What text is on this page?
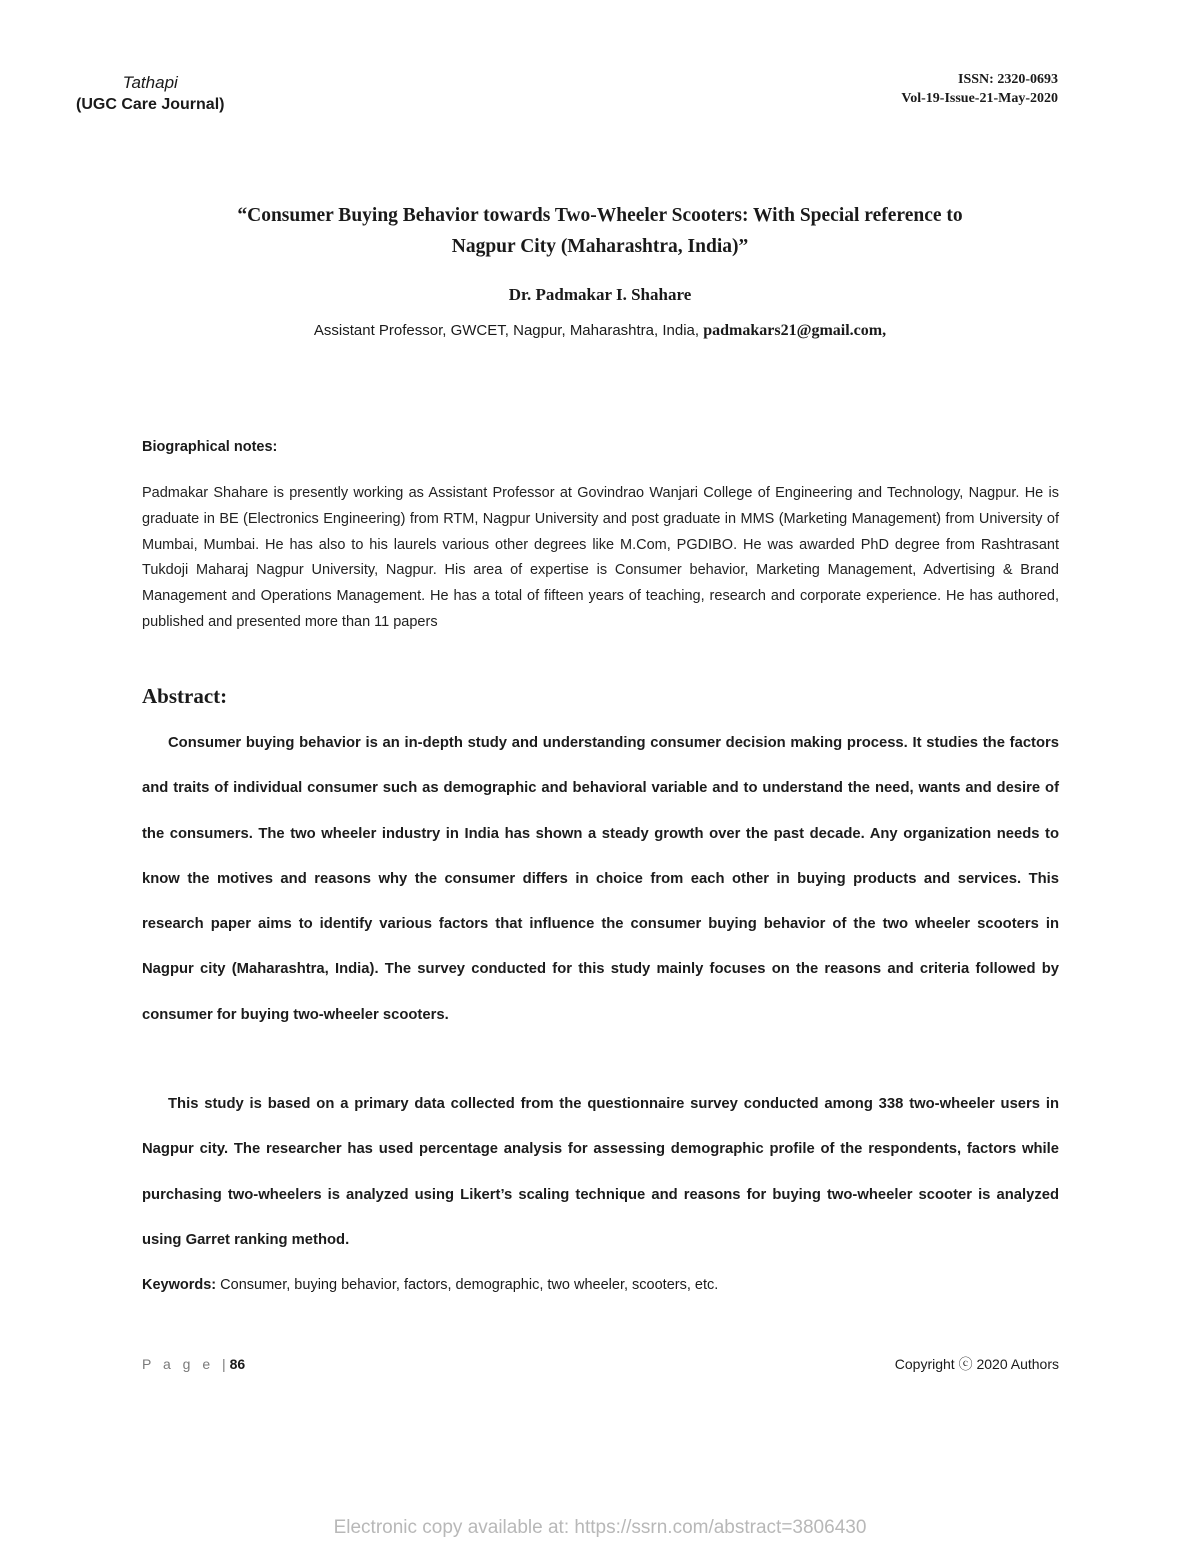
Tathapi
(UGC Care Journal)
ISSN: 2320-0693
Vol-19-Issue-21-May-2020
“Consumer Buying Behavior towards Two-Wheeler Scooters: With Special reference to
Nagpur City (Maharashtra, India)”
Dr. Padmakar I. Shahare
Assistant Professor, GWCET, Nagpur, Maharashtra, India, padmakars21@gmail.com,
Biographical notes:
Padmakar Shahare is presently working as Assistant Professor at Govindrao Wanjari College of Engineering and Technology, Nagpur. He is graduate in BE (Electronics Engineering) from RTM, Nagpur University and post graduate in MMS (Marketing Management) from University of Mumbai, Mumbai. He has also to his laurels various other degrees like M.Com, PGDIBO. He was awarded PhD degree from Rashtrasant Tukdoji Maharaj Nagpur University, Nagpur. His area of expertise is Consumer behavior, Marketing Management, Advertising & Brand Management and Operations Management. He has a total of fifteen years of teaching, research and corporate experience. He has authored, published and presented more than 11 papers
Abstract:

Consumer buying behavior is an in-depth study and understanding consumer decision making process. It studies the factors and traits of individual consumer such as demographic and behavioral variable and to understand the need, wants and desire of the consumers. The two wheeler industry in India has shown a steady growth over the past decade. Any organization needs to know the motives and reasons why the consumer differs in choice from each other in buying products and services. This research paper aims to identify various factors that influence the consumer buying behavior of the two wheeler scooters in Nagpur city (Maharashtra, India). The survey conducted for this study mainly focuses on the reasons and criteria followed by consumer for buying two-wheeler scooters.

This study is based on a primary data collected from the questionnaire survey conducted among 338 two-wheeler users in Nagpur city. The researcher has used percentage analysis for assessing demographic profile of the respondents, factors while purchasing two-wheelers is analyzed using Likert’s scaling technique and reasons for buying two-wheeler scooter is analyzed using Garret ranking method.

Keywords: Consumer, buying behavior, factors, demographic, two wheeler, scooters, etc.
P a g e |86	Copyright ⓒ 2020 Authors
Electronic copy available at: https://ssrn.com/abstract=3806430
